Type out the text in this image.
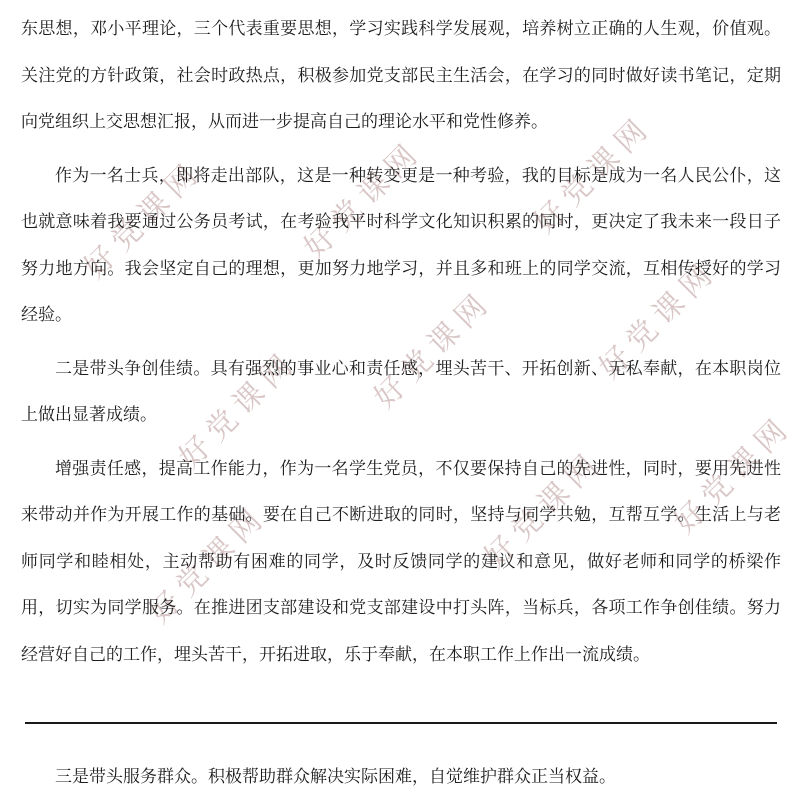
好党课网	好党课网	好党课网
好党课网 好党课网	好党课网
好党课网	好党课网 好党课网

东思想，邓小平理论，三个代表重要思想，学习实践科学发展观，培养树立正确的人生观，价值观。关注党的方针政策，社会时政热点，积极参加党支部民主生活会，在学习的同时做好读书笔记，定期向党组织上交思想汇报，从而进一步提高自己的理论水平和党性修养。

作为一名士兵，即将走出部队，这是一种转变更是一种考验，我的目标是成为一名人民公仆，这也就意味着我要通过公务员考试，在考验我平时科学文化知识积累的同时，更决定了我未来一段日子努力地方向。我会坚定自己的理想，更加努力地学习，并且多和班上的同学交流，互相传授好的学习经验。

二是带头争创佳绩。具有强烈的事业心和责任感，埋头苦干、开拓创新、无私奉献，在本职岗位上做出显著成绩。

增强责任感，提高工作能力，作为一名学生党员，不仅要保持自己的先进性，同时，要用先进性来带动并作为开展工作的基础。要在自己不断进取的同时，坚持与同学共勉，互帮互学。生活上与老师同学和睦相处，主动帮助有困难的同学，及时反馈同学的建议和意见，做好老师和同学的桥梁作用，切实为同学服务。在推进团支部建设和党支部建设中打头阵，当标兵，各项工作争创佳绩。努力经营好自己的工作，埋头苦干，开拓进取，乐于奉献，在本职工作上作出一流成绩。

三是带头服务群众。积极帮助群众解决实际困难，自觉维护群众正当权益。
